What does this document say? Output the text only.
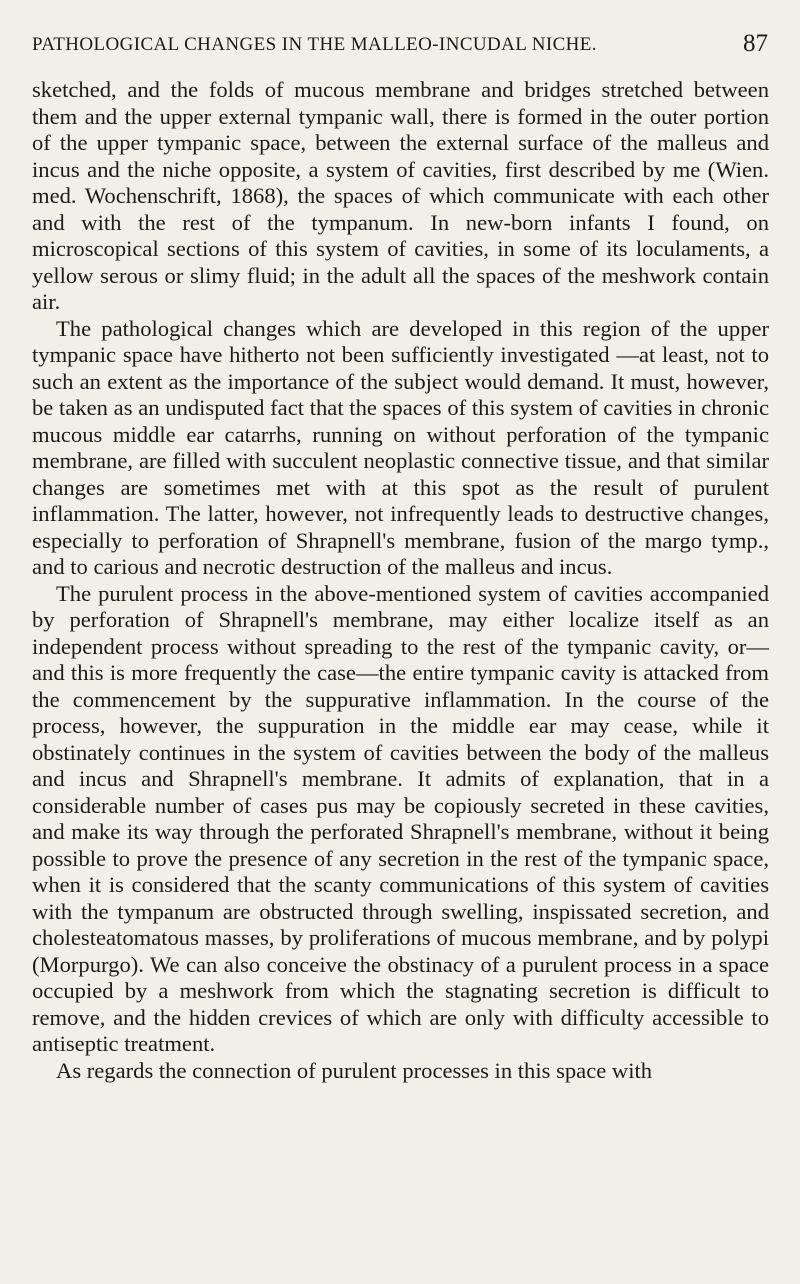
PATHOLOGICAL CHANGES IN THE MALLEO-INCUDAL NICHE.	87

sketched, and the folds of mucous membrane and bridges stretched between them and the upper external tympanic wall, there is formed in the outer portion of the upper tympanic space, between the external surface of the malleus and incus and the niche opposite, a system of cavities, first described by me (Wien. med. Wochenschrift, 1868), the spaces of which communicate with each other and with the rest of the tympanum. In new-born infants I found, on microscopical sections of this system of cavities, in some of its loculaments, a yellow serous or slimy fluid; in the adult all the spaces of the meshwork contain air.

The pathological changes which are developed in this region of the upper tympanic space have hitherto not been sufficiently investigated —at least, not to such an extent as the importance of the subject would demand. It must, however, be taken as an undisputed fact that the spaces of this system of cavities in chronic mucous middle ear catarrhs, running on without perforation of the tympanic membrane, are filled with succulent neoplastic connective tissue, and that similar changes are sometimes met with at this spot as the result of purulent inflammation. The latter, however, not infrequently leads to destructive changes, especially to perforation of Shrapnell's membrane, fusion of the margo tymp., and to carious and necrotic destruction of the malleus and incus.

The purulent process in the above-mentioned system of cavities accompanied by perforation of Shrapnell's membrane, may either localize itself as an independent process without spreading to the rest of the tympanic cavity, or—and this is more frequently the case—the entire tympanic cavity is attacked from the commencement by the suppurative inflammation. In the course of the process, however, the suppuration in the middle ear may cease, while it obstinately continues in the system of cavities between the body of the malleus and incus and Shrapnell's membrane. It admits of explanation, that in a considerable number of cases pus may be copiously secreted in these cavities, and make its way through the perforated Shrapnell's membrane, without it being possible to prove the presence of any secretion in the rest of the tympanic space, when it is considered that the scanty communications of this system of cavities with the tympanum are obstructed through swelling, inspissated secretion, and cholesteatomatous masses, by proliferations of mucous membrane, and by polypi (Morpurgo). We can also conceive the obstinacy of a purulent process in a space occupied by a meshwork from which the stagnating secretion is difficult to remove, and the hidden crevices of which are only with difficulty accessible to antiseptic treatment.

As regards the connection of purulent processes in this space with
